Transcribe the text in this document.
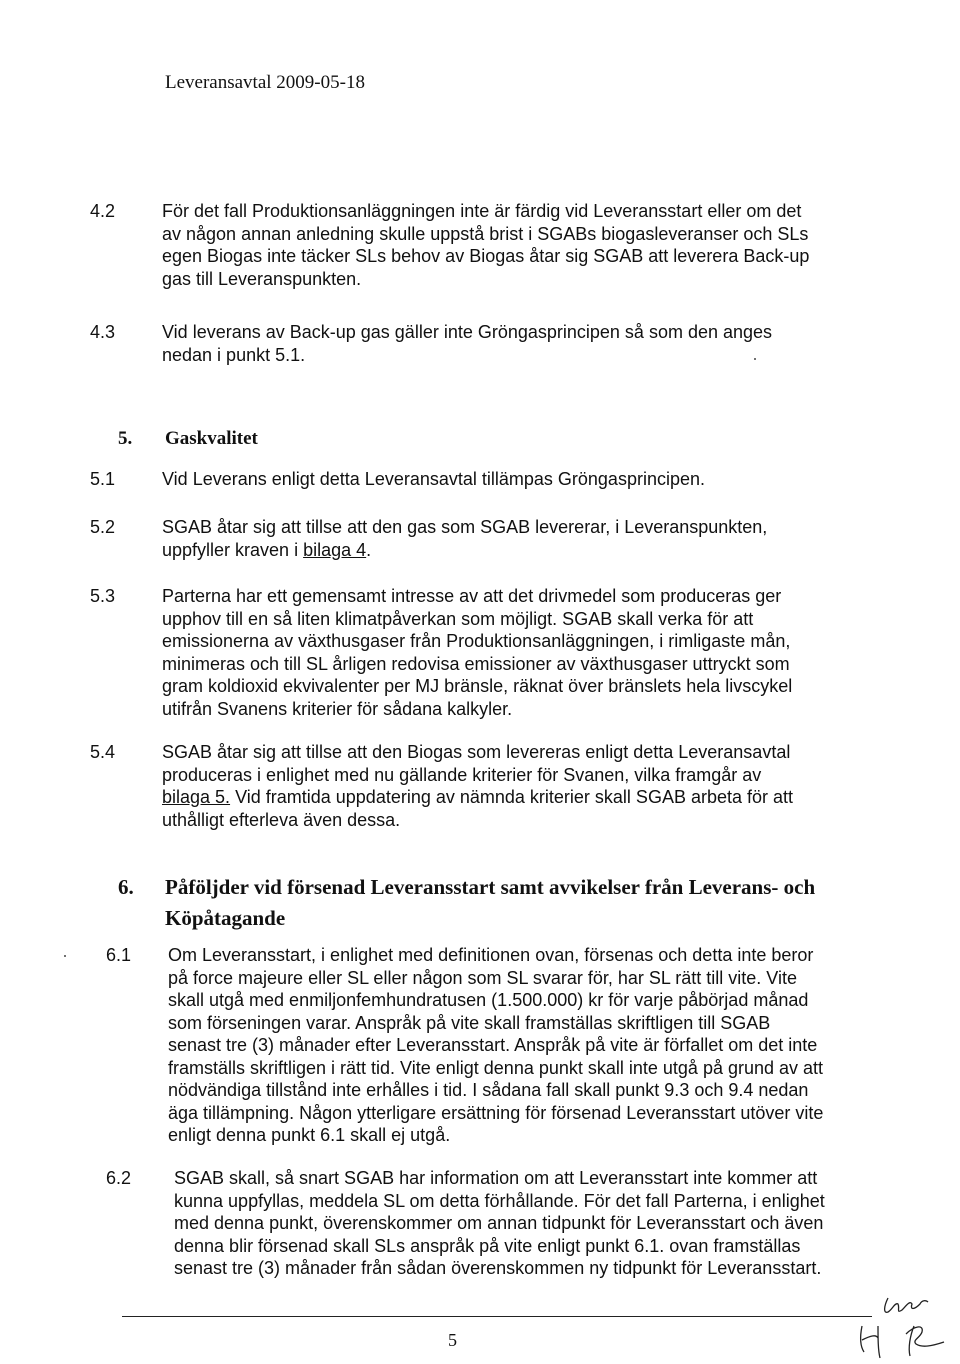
Leveransavtal 2009-05-18
4.2	För det fall Produktionsanläggningen inte är färdig vid Leveransstart eller om det av någon annan anledning skulle uppstå brist i SGABs biogasleveranser och SLs egen Biogas inte täcker SLs behov av Biogas åtar sig SGAB att leverera Back-up gas till Leveranspunkten.
4.3	Vid leverans av Back-up gas gäller inte Gröngasprincipen så som den anges nedan i punkt 5.1.
5. Gaskvalitet
5.1	Vid Leverans enligt detta Leveransavtal tillämpas Gröngasprincipen.
5.2	SGAB åtar sig att tillse att den gas som SGAB levererar, i Leveranspunkten, uppfyller kraven i bilaga 4.
5.3	Parterna har ett gemensamt intresse av att det drivmedel som produceras ger upphov till en så liten klimatpåverkan som möjligt. SGAB skall verka för att emissionerna av växthusgaser från Produktionsanläggningen, i rimligaste mån, minimeras och till SL årligen redovisa emissioner av växthusgaser uttryckt som gram koldioxid ekvivalenter per MJ bränsle, räknat över bränslets hela livscykel utifrån Svanens kriterier för sådana kalkyler.
5.4	SGAB åtar sig att tillse att den Biogas som levereras enligt detta Leveransavtal produceras i enlighet med nu gällande kriterier för Svanen, vilka framgår av bilaga 5. Vid framtida uppdatering av nämnda kriterier skall SGAB arbeta för att uthålligt efterleva även dessa.
6. Påföljder vid försenad Leveransstart samt avvikelser från Leverans- och Köpåtagande
6.1	Om Leveransstart, i enlighet med definitionen ovan, försenas och detta inte beror på force majeure eller SL eller någon som SL svarar för, har SL rätt till vite. Vite skall utgå med enmiljonfemhundratusen (1.500.000) kr för varje påbörjad månad som förseningen varar. Anspråk på vite skall framställas skriftligen till SGAB senast tre (3) månader efter Leveransstart. Anspråk på vite är förfallet om det inte framställs skriftligen i rätt tid. Vite enligt denna punkt skall inte utgå på grund av att nödvändiga tillstånd inte erhålles i tid. I sådana fall skall punkt 9.3 och 9.4 nedan äga tillämpning. Någon ytterligare ersättning för försenad Leveransstart utöver vite enligt denna punkt 6.1 skall ej utgå.
6.2	SGAB skall, så snart SGAB har information om att Leveransstart inte kommer att kunna uppfyllas, meddela SL om detta förhållande. För det fall Parterna, i enlighet med denna punkt, överenskommer om annan tidpunkt för Leveransstart och även denna blir försenad skall SLs anspråk på vite enligt punkt 6.1. ovan framställas senast tre (3) månader från sådan överenskommen ny tidpunkt för Leveransstart.
5
